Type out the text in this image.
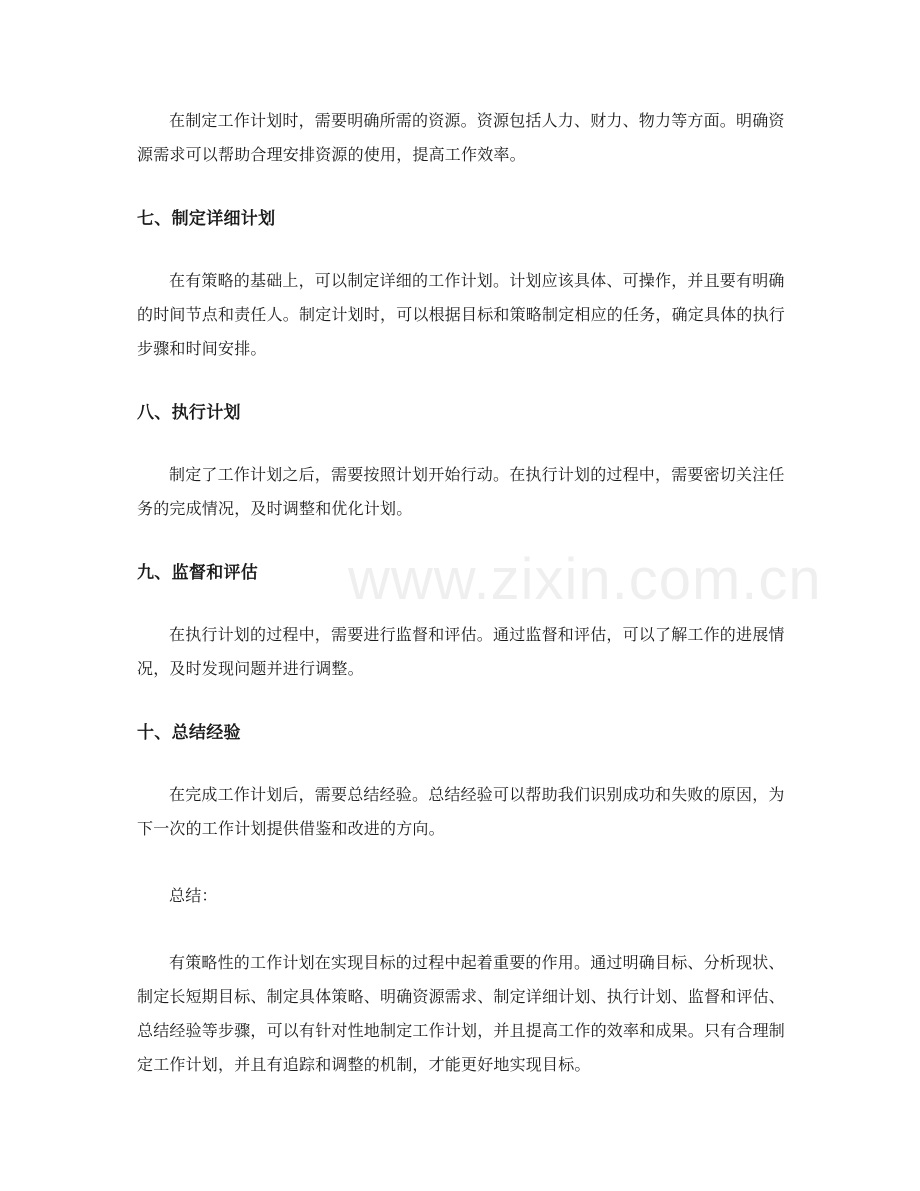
在制定工作计划时，需要明确所需的资源。资源包括人力、财力、物力等方面。明确资源需求可以帮助合理安排资源的使用，提高工作效率。

七、制定详细计划

在有策略的基础上，可以制定详细的工作计划。计划应该具体、可操作，并且要有明确的时间节点和责任人。制定计划时，可以根据目标和策略制定相应的任务，确定具体的执行步骤和时间安排。

八、执行计划

制定了工作计划之后，需要按照计划开始行动。在执行计划的过程中，需要密切关注任务的完成情况，及时调整和优化计划。

九、监督和评估

在执行计划的过程中，需要进行监督和评估。通过监督和评估，可以了解工作的进展情况，及时发现问题并进行调整。

十、总结经验

在完成工作计划后，需要总结经验。总结经验可以帮助我们识别成功和失败的原因，为下一次的工作计划提供借鉴和改进的方向。

总结：

有策略性的工作计划在实现目标的过程中起着重要的作用。通过明确目标、分析现状、制定长短期目标、制定具体策略、明确资源需求、制定详细计划、执行计划、监督和评估、总结经验等步骤，可以有针对性地制定工作计划，并且提高工作的效率和成果。只有合理制定工作计划，并且有追踪和调整的机制，才能更好地实现目标。

www.zixin.com.cn
